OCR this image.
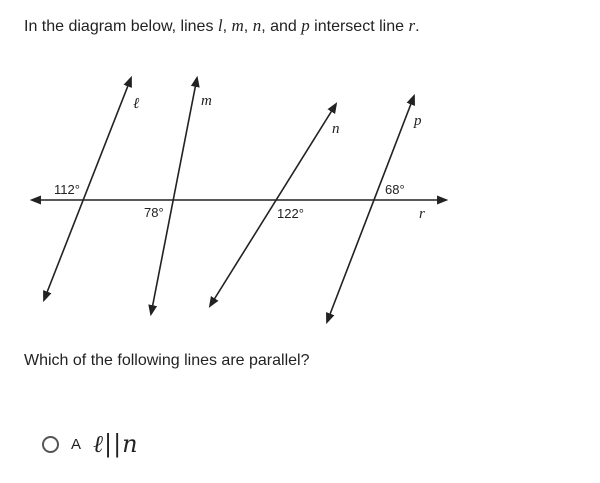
In the diagram below, lines l, m, n, and p intersect line r.
ℓ	m
n	p
r
112°
78°	122°
68°
Which of the following lines are parallel?
A ℓ||n
